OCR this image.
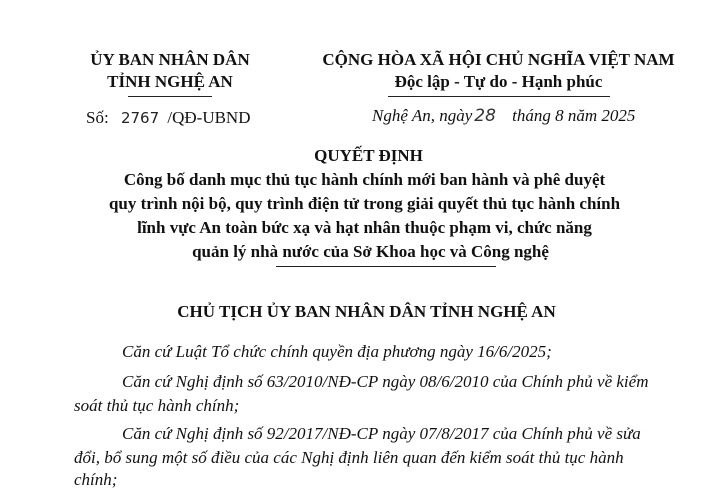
ỦY BAN NHÂN DÂN
TỈNH NGHỆ AN
Số: 2767 /QĐ-UBND
CỘNG HÒA XÃ HỘI CHỦ NGHĨA VIỆT NAM
Độc lập - Tự do - Hạnh phúc
Nghệ An, ngày 28 tháng 8 năm 2025
QUYẾT ĐỊNH
Công bố danh mục thủ tục hành chính mới ban hành và phê duyệt
quy trình nội bộ, quy trình điện tử trong giải quyết thủ tục hành chính
lĩnh vực An toàn bức xạ và hạt nhân thuộc phạm vi, chức năng
quản lý nhà nước của Sở Khoa học và Công nghệ
CHỦ TỊCH ỦY BAN NHÂN DÂN TỈNH NGHỆ AN
Căn cứ Luật Tổ chức chính quyền địa phương ngày 16/6/2025;
Căn cứ Nghị định số 63/2010/NĐ-CP ngày 08/6/2010 của Chính phủ về kiểm
soát thủ tục hành chính;
Căn cứ Nghị định số 92/2017/NĐ-CP ngày 07/8/2017 của Chính phủ về sửa
đổi, bổ sung một số điều của các Nghị định liên quan đến kiểm soát thủ tục hành
chính;
